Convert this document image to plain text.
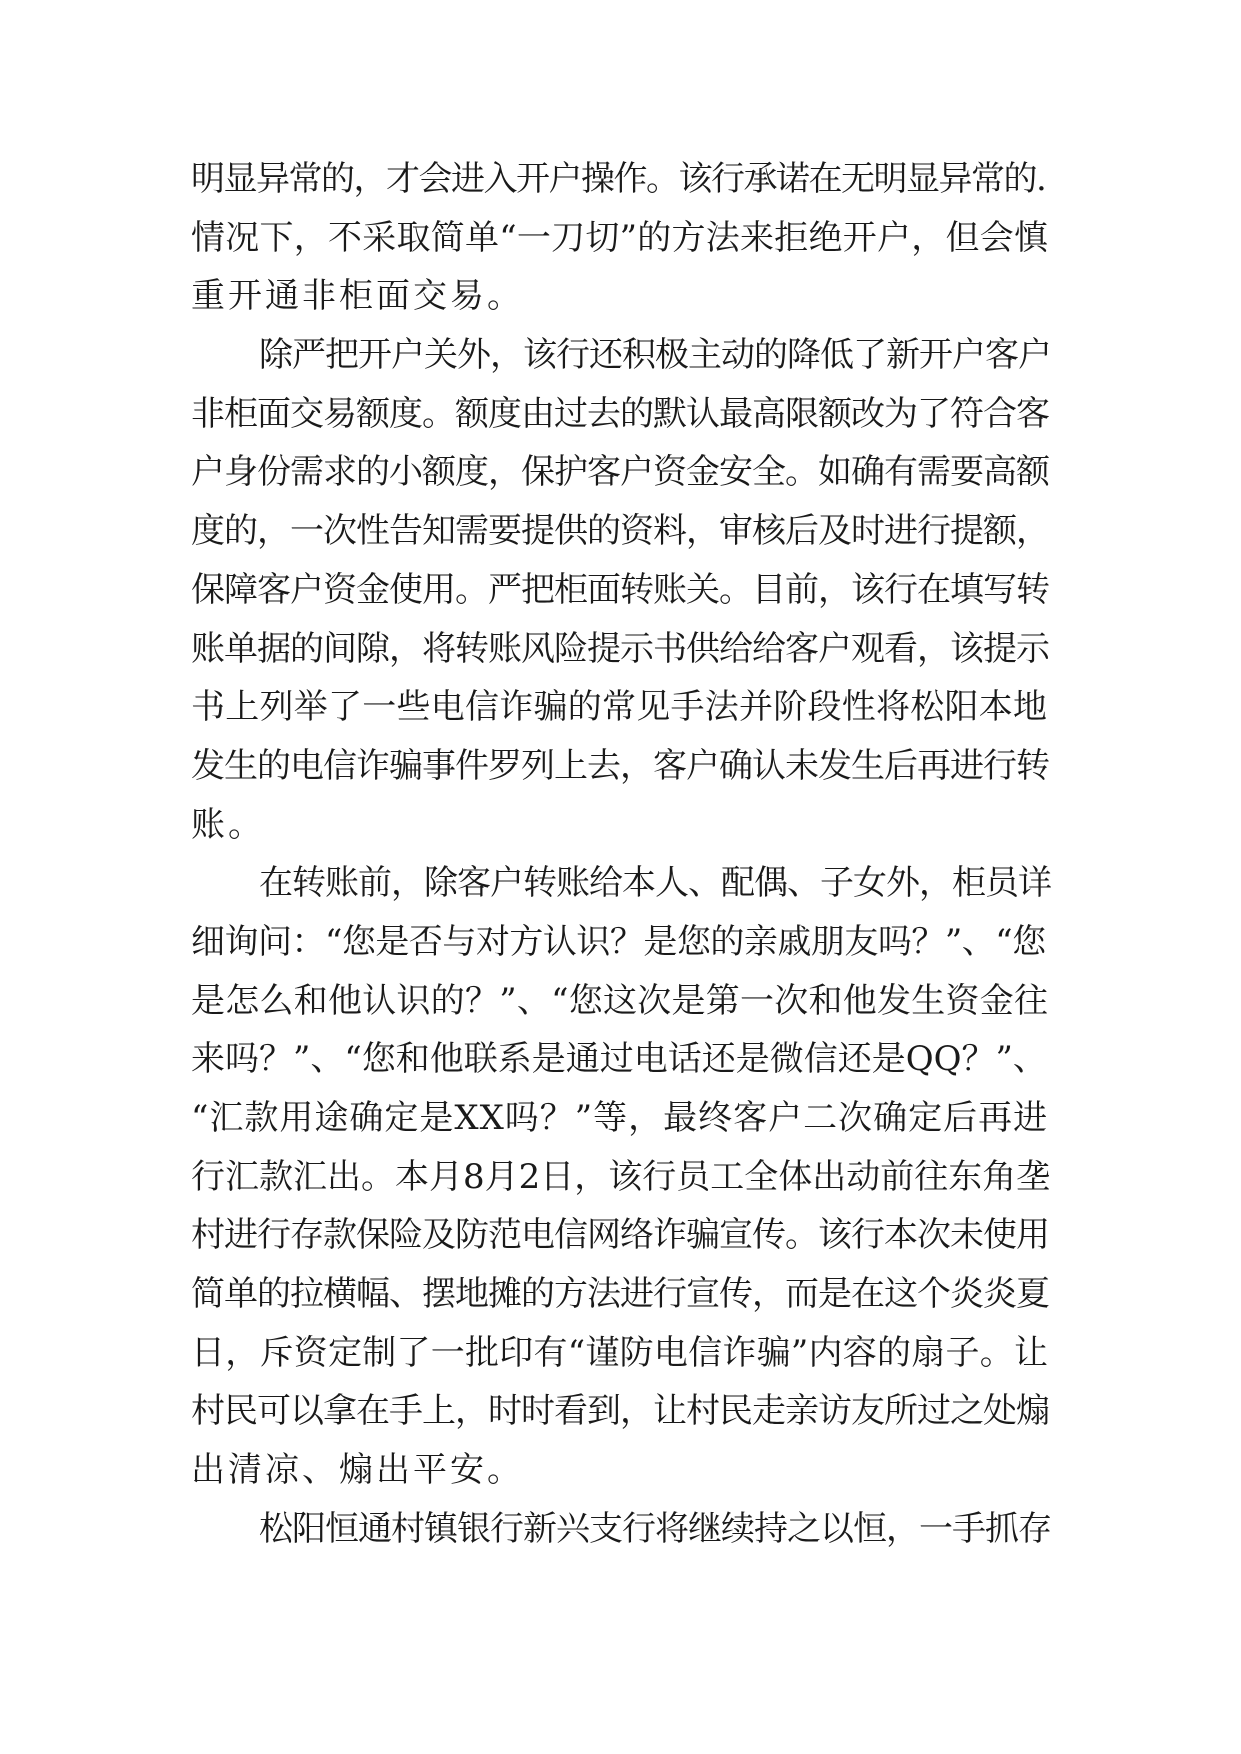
明显异常的，才会进入开户操作。该行承诺在无明显异常的.
情况下，不采取简单“一刀切”的方法来拒绝开户，但会慎
重开通非柜面交易。
除严把开户关外，该行还积极主动的降低了新开户客户
非柜面交易额度。额度由过去的默认最高限额改为了符合客
户身份需求的小额度，保护客户资金安全。如确有需要高额
度的，一次性告知需要提供的资料，审核后及时进行提额，
保障客户资金使用。严把柜面转账关。目前，该行在填写转
账单据的间隙，将转账风险提示书供给给客户观看，该提示
书上列举了一些电信诈骗的常见手法并阶段性将松阳本地
发生的电信诈骗事件罗列上去，客户确认未发生后再进行转
账。
在转账前，除客户转账给本人、配偶、子女外，柜员详
细询问：“您是否与对方认识？是您的亲戚朋友吗？”、“您
是怎么和他认识的？”、“您这次是第一次和他发生资金往
来吗？”、“您和他联系是通过电话还是微信还是QQ？”、
“汇款用途确定是XX吗？”等，最终客户二次确定后再进
行汇款汇出。本月8月2日，该行员工全体出动前往东角垄
村进行存款保险及防范电信网络诈骗宣传。该行本次未使用
简单的拉横幅、摆地摊的方法进行宣传，而是在这个炎炎夏
日，斥资定制了一批印有“谨防电信诈骗”内容的扇子。让
村民可以拿在手上，时时看到，让村民走亲访友所过之处煽
出清凉、煽出平安。
松阳恒通村镇银行新兴支行将继续持之以恒，一手抓存
